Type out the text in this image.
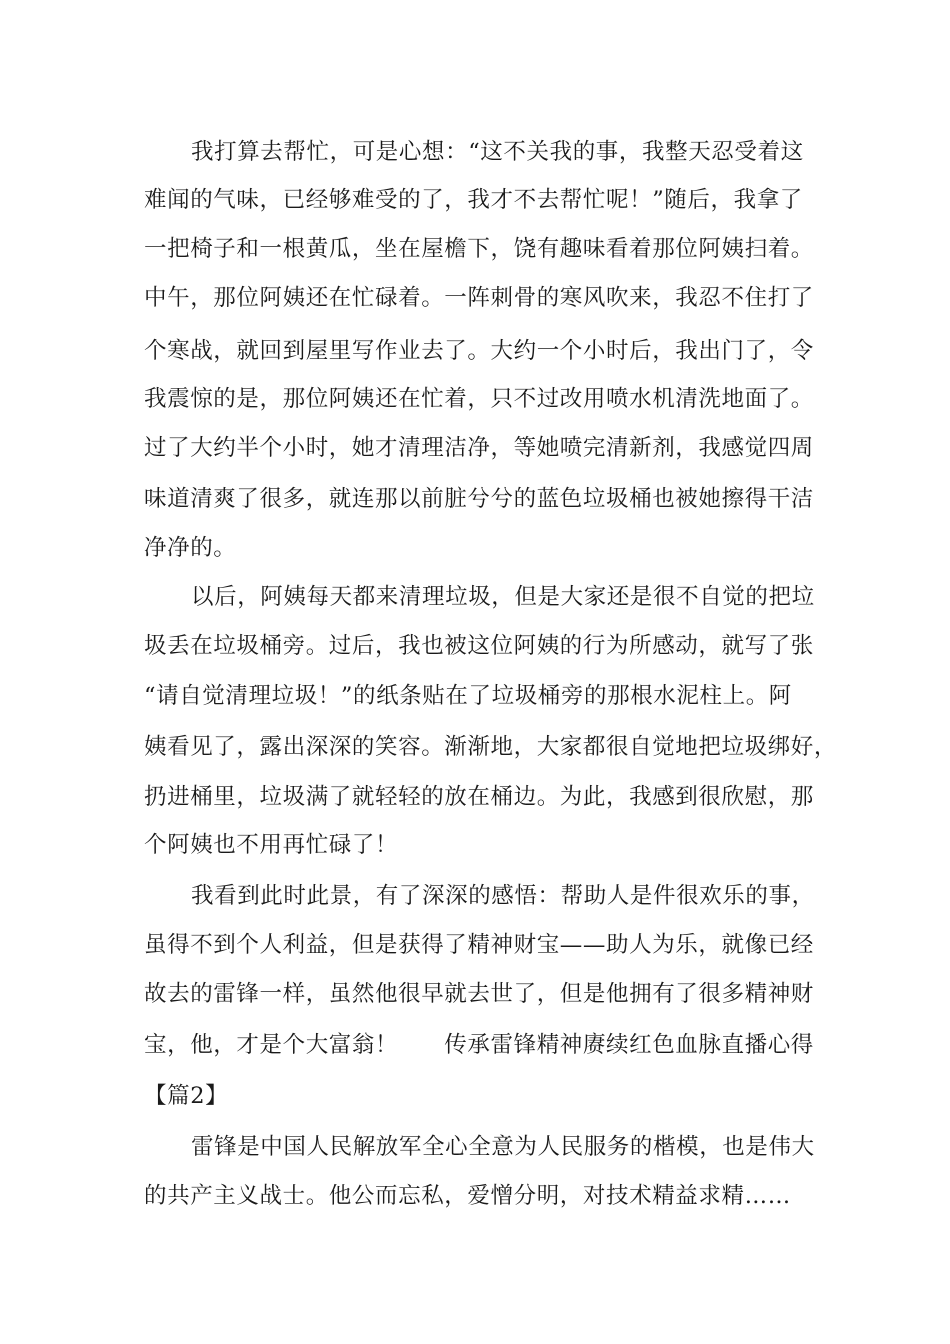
我打算去帮忙，可是心想：“这不关我的事，我整天忍受着这
难闻的气味，已经够难受的了，我才不去帮忙呢！”随后，我拿了
一把椅子和一根黄瓜，坐在屋檐下，饶有趣味看着那位阿姨扫着。
中午，那位阿姨还在忙碌着。一阵刺骨的寒风吹来，我忍不住打了
个寒战，就回到屋里写作业去了。大约一个小时后，我出门了，令
我震惊的是，那位阿姨还在忙着，只不过改用喷水机清洗地面了。
过了大约半个小时，她才清理洁净，等她喷完清新剂，我感觉四周
味道清爽了很多，就连那以前脏兮兮的蓝色垃圾桶也被她擦得干洁
净净的。
以后，阿姨每天都来清理垃圾，但是大家还是很不自觉的把垃
圾丢在垃圾桶旁。过后，我也被这位阿姨的行为所感动，就写了张
“请自觉清理垃圾！”的纸条贴在了垃圾桶旁的那根水泥柱上。阿
姨看见了，露出深深的笑容。渐渐地，大家都很自觉地把垃圾绑好，
扔进桶里，垃圾满了就轻轻的放在桶边。为此，我感到很欣慰，那
个阿姨也不用再忙碌了！
我看到此时此景，有了深深的感悟：帮助人是件很欢乐的事，
虽得不到个人利益，但是获得了精神财宝——助人为乐，就像已经
故去的雷锋一样，虽然他很早就去世了，但是他拥有了很多精神财
宝，他，才是个大富翁！　　传承雷锋精神赓续红色血脉直播心得
【篇2】
雷锋是中国人民解放军全心全意为人民服务的楷模，也是伟大
的共产主义战士。他公而忘私，爱憎分明，对技术精益求精……
